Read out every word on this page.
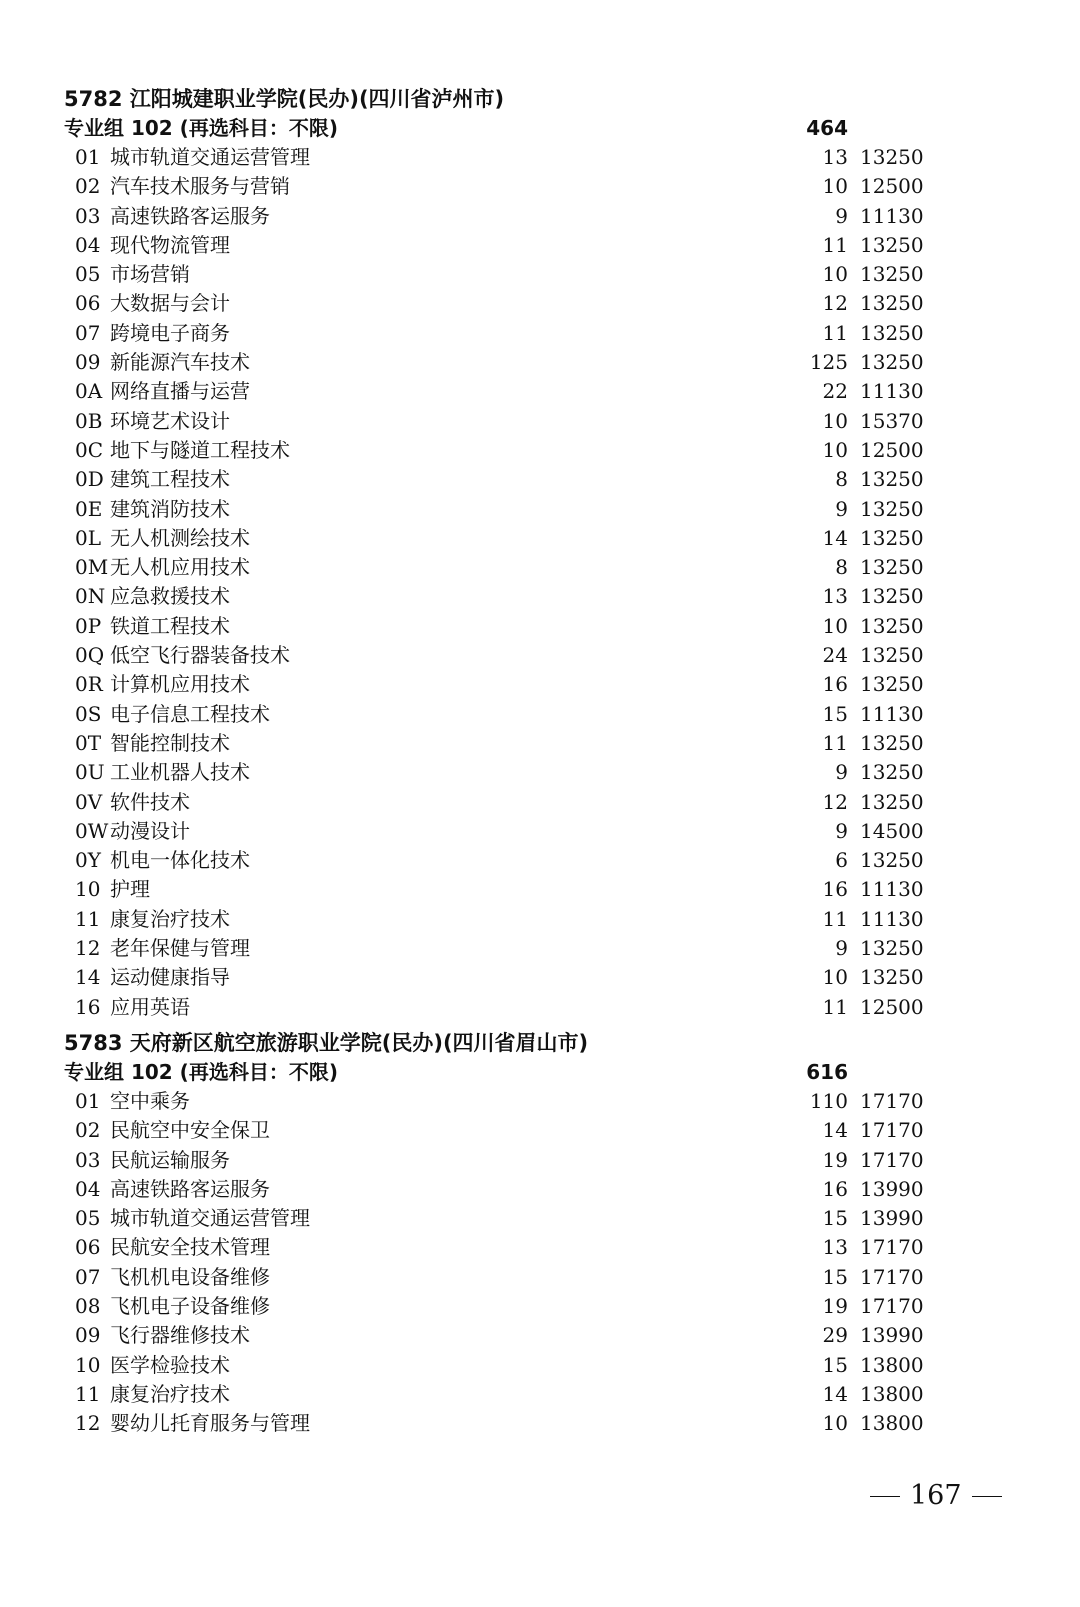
5782 江阳城建职业学院(民办)(四川省泸州市)
专业组 102 (再选科目：不限)	464
01 城市轨道交通运营管理	13 13250
02 汽车技术服务与营销	10 12500
03 高速铁路客运服务	9 11130
04 现代物流管理	11 13250
05 市场营销	10 13250
06 大数据与会计	12 13250
07 跨境电子商务	11 13250
09 新能源汽车技术	125 13250
0A 网络直播与运营	22 11130
0B 环境艺术设计	10 15370
0C 地下与隧道工程技术	10 12500
0D 建筑工程技术	8 13250
0E 建筑消防技术	9 13250
0L 无人机测绘技术	14 13250
0M 无人机应用技术	8 13250
0N 应急救援技术	13 13250
0P 铁道工程技术	10 13250
0Q 低空飞行器装备技术	24 13250
0R 计算机应用技术	16 13250
0S 电子信息工程技术	15 11130
0T 智能控制技术	11 13250
0U 工业机器人技术	9 13250
0V 软件技术	12 13250
0W 动漫设计	9 14500
0Y 机电一体化技术	6 13250
10 护理	16 11130
11 康复治疗技术	11 11130
12 老年保健与管理	9 13250
14 运动健康指导	10 13250
16 应用英语	11 12500
5783 天府新区航空旅游职业学院(民办)(四川省眉山市)
专业组 102 (再选科目：不限)	616
01 空中乘务	110 17170
02 民航空中安全保卫	14 17170
03 民航运输服务	19 17170
04 高速铁路客运服务	16 13990
05 城市轨道交通运营管理	15 13990
06 民航安全技术管理	13 17170
07 飞机机电设备维修	15 17170
08 飞机电子设备维修	19 17170
09 飞行器维修技术	29 13990
10 医学检验技术	15 13800
11 康复治疗技术	14 13800
12 婴幼儿托育服务与管理	10 13800
167
